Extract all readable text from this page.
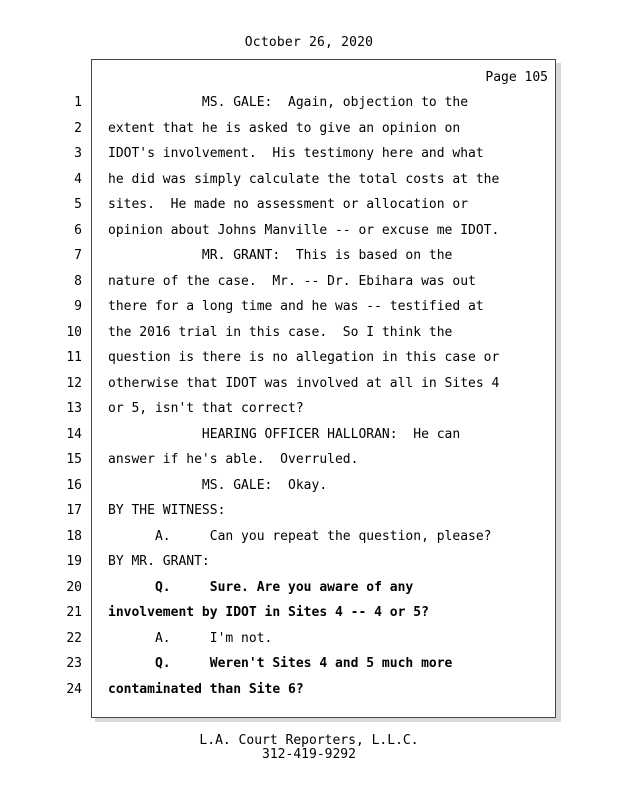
October 26, 2020
Page 105
1 MS. GALE:  Again, objection to the
2 extent that he is asked to give an opinion on
3 IDOT's involvement.  His testimony here and what
4 he did was simply calculate the total costs at the
5 sites.  He made no assessment or allocation or
6 opinion about Johns Manville -- or excuse me IDOT.
7 MR. GRANT:  This is based on the
8 nature of the case.  Mr. -- Dr. Ebihara was out
9 there for a long time and he was -- testified at
10 the 2016 trial in this case.  So I think the
11 question is there is no allegation in this case or
12 otherwise that IDOT was involved at all in Sites 4
13 or 5, isn't that correct?
14 HEARING OFFICER HALLORAN:  He can
15 answer if he's able.  Overruled.
16 MS. GALE:  Okay.
17 BY THE WITNESS:
18 A.     Can you repeat the question, please?
19 BY MR. GRANT:
20 Q.     Sure. Are you aware of any
21 involvement by IDOT in Sites 4 -- 4 or 5?
22 A.     I'm not.
23 Q.     Weren't Sites 4 and 5 much more
24 contaminated than Site 6?
L.A. Court Reporters, L.L.C.
312-419-9292
